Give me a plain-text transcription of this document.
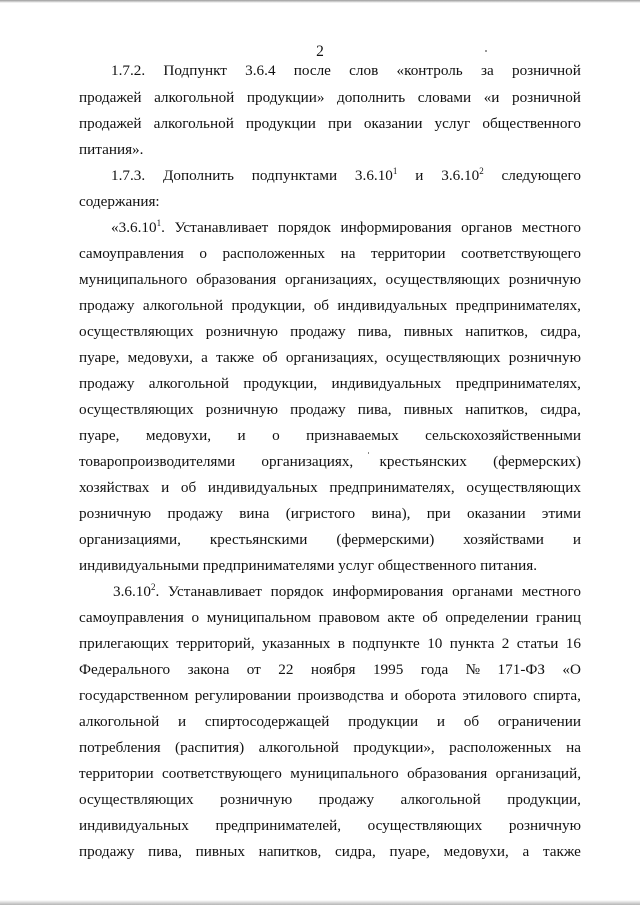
2
1.7.2. Подпункт 3.6.4 после слов «контроль за розничной
продажей алкогольной продукции» дополнить словами «и розничной
продажей алкогольной продукции при оказании услуг общественного
питания».
1.7.3. Дополнить подпунктами 3.6.10$^1$ и 3.6.10$^2$ следующего
содержания:
«3.6.10$^1$. Устанавливает порядок информирования органов местного
самоуправления о расположенных на территории соответствующего
муниципального образования организациях, осуществляющих розничную
продажу алкогольной продукции, об индивидуальных предпринимателях,
осуществляющих розничную продажу пива, пивных напитков, сидра,
пуаре, медовухи, а также об организациях, осуществляющих розничную
продажу алкогольной продукции, индивидуальных предпринимателях,
осуществляющих розничную продажу пива, пивных напитков, сидра,
пуаре, медовухи, и о признаваемых сельскохозяйственными
товаропроизводителями организациях, крестьянских (фермерских)
хозяйствах и об индивидуальных предпринимателях, осуществляющих
розничную продажу вина (игристого вина), при оказании этими
организациями, крестьянскими (фермерскими) хозяйствами и
индивидуальными предпринимателями услуг общественного питания.
3.6.10$^2$. Устанавливает порядок информирования органами местного
самоуправления о муниципальном правовом акте об определении границ
прилегающих территорий, указанных в подпункте 10 пункта 2 статьи 16
Федерального закона от 22 ноября 1995 года № 171-ФЗ «О
государственном регулировании производства и оборота этилового спирта,
алкогольной и спиртосодержащей продукции и об ограничении
потребления (распития) алкогольной продукции», расположенных на
территории соответствующего муниципального образования организаций,
осуществляющих розничную продажу алкогольной продукции,
индивидуальных предпринимателей, осуществляющих розничную
продажу пива, пивных напитков, сидра, пуаре, медовухи, а также
